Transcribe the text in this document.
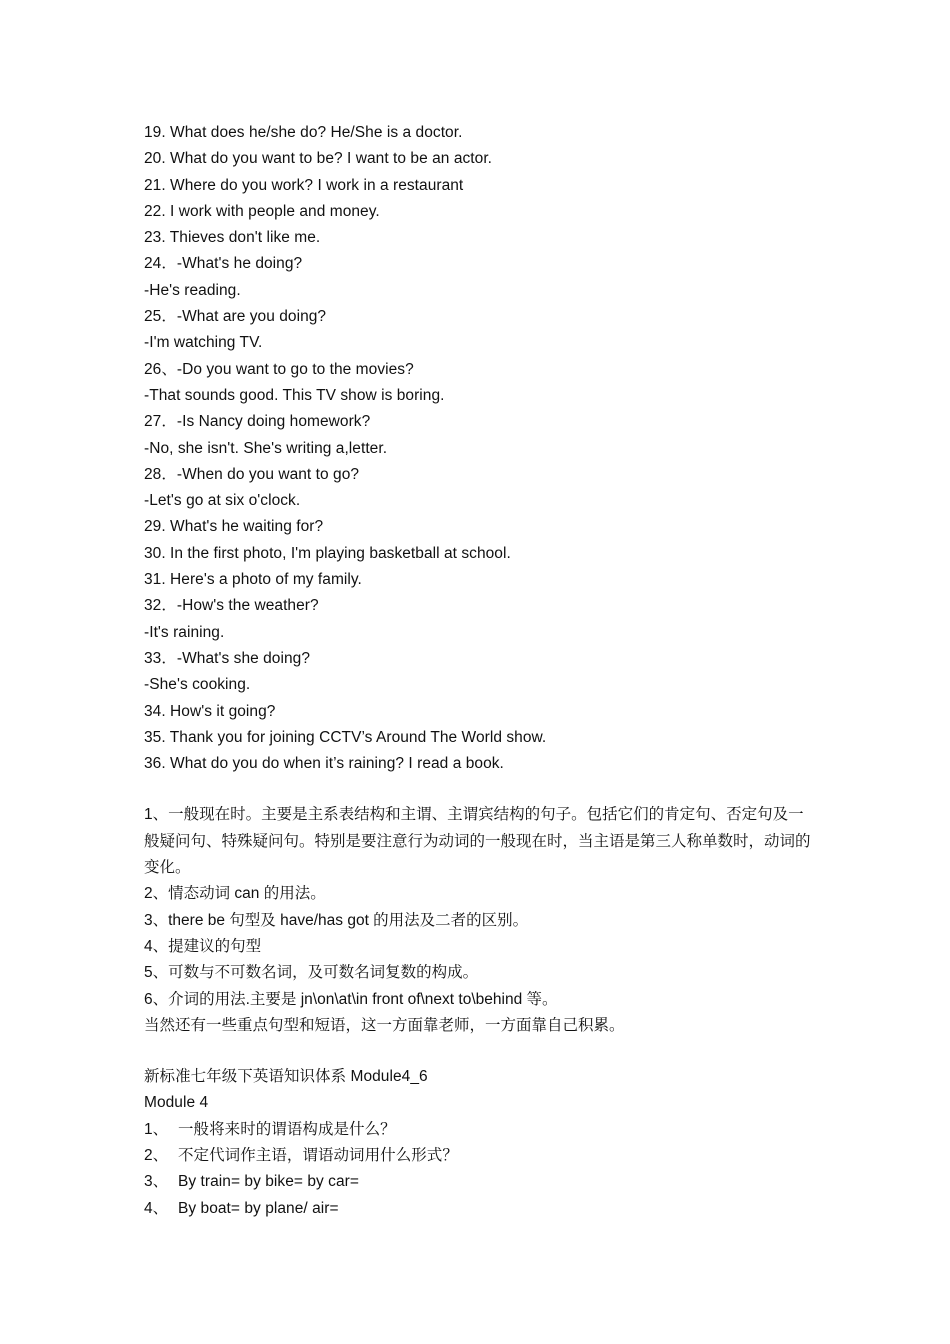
19. What does he/she do? He/She is a doctor.
20. What do you want to be? I want to be an actor.
21. Where do you work? I work in a restaurant
22. I work with people and money.
23. Thieves don't like me.
24．-What's he doing?
-He's reading.
25．-What are you doing?
-I'm watching TV.
26、-Do you want to go to the movies?
-That sounds good. This TV show is boring.
27．-Is Nancy doing homework?
-No, she isn't. She's writing a,letter.
28．-When do you want to go?
-Let's go at six o'clock.
29. What's he waiting for?
30. In the first photo, I'm playing basketball at school.
31. Here's a photo of my family.
32．-How's the weather?
-It's raining.
33．-What's she doing?
-She's cooking.
34. How's it going?
35. Thank you for joining CCTV’s Around The World show.
36. What do you do when it’s raining? I read a book.

1、一般现在时。主要是主系表结构和主谓、主谓宾结构的句子。包括它们的肯定句、否定句及一般疑问句、特殊疑问句。特别是要注意行为动词的一般现在时，当主语是第三人称单数时，动词的变化。

2、情态动词 can 的用法。

3、there be 句型及 have/has got 的用法及二者的区别。

4、提建议的句型

5、可数与不可数名词，及可数名词复数的构成。

6、介词的用法.主要是 jn\on\at\in front of\next to\behind 等。

当然还有一些重点句型和短语，这一方面靠老师，一方面靠自己积累。

新标准七年级下英语知识体系 Module4_6
Module 4
1、 一般将来时的谓语构成是什么？
2、 不定代词作主语，谓语动词用什么形式？
3、 By train= by bike= by car=
4、 By boat= by plane/ air=
